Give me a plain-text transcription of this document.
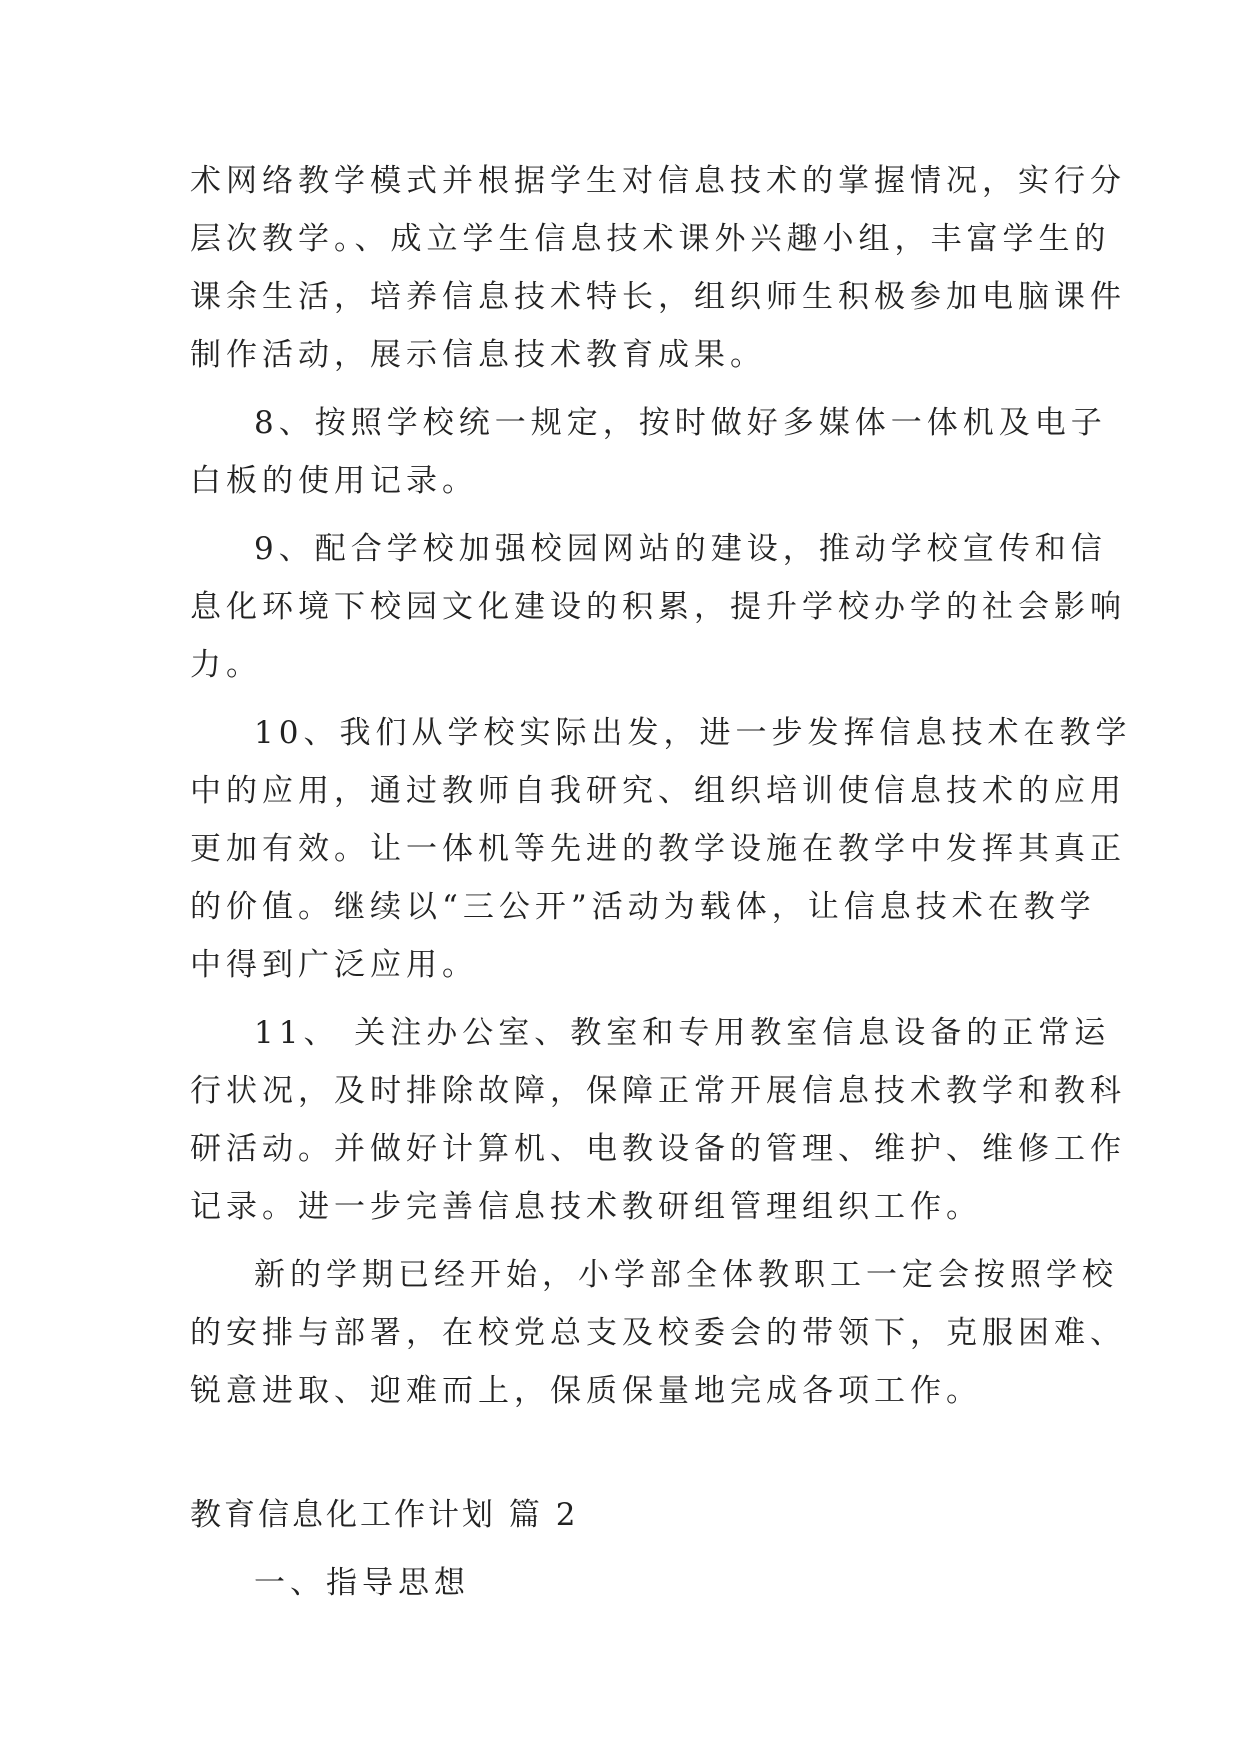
术网络教学模式并根据学生对信息技术的掌握情况，实行分
层次教学。、成立学生信息技术课外兴趣小组，丰富学生的
课余生活，培养信息技术特长，组织师生积极参加电脑课件
制作活动，展示信息技术教育成果。
8、按照学校统一规定，按时做好多媒体一体机及电子
白板的使用记录。
9、配合学校加强校园网站的建设，推动学校宣传和信
息化环境下校园文化建设的积累，提升学校办学的社会影响
力。
10、我们从学校实际出发，进一步发挥信息技术在教学
中的应用，通过教师自我研究、组织培训使信息技术的应用
更加有效。让一体机等先进的教学设施在教学中发挥其真正
的价值。继续以“三公开”活动为载体，让信息技术在教学
中得到广泛应用。
11、 关注办公室、教室和专用教室信息设备的正常运
行状况，及时排除故障，保障正常开展信息技术教学和教科
研活动。并做好计算机、电教设备的管理、维护、维修工作
记录。进一步完善信息技术教研组管理组织工作。
新的学期已经开始，小学部全体教职工一定会按照学校
的安排与部署，在校党总支及校委会的带领下，克服困难、
锐意进取、迎难而上，保质保量地完成各项工作。
教育信息化工作计划 篇 2
一、指导思想
